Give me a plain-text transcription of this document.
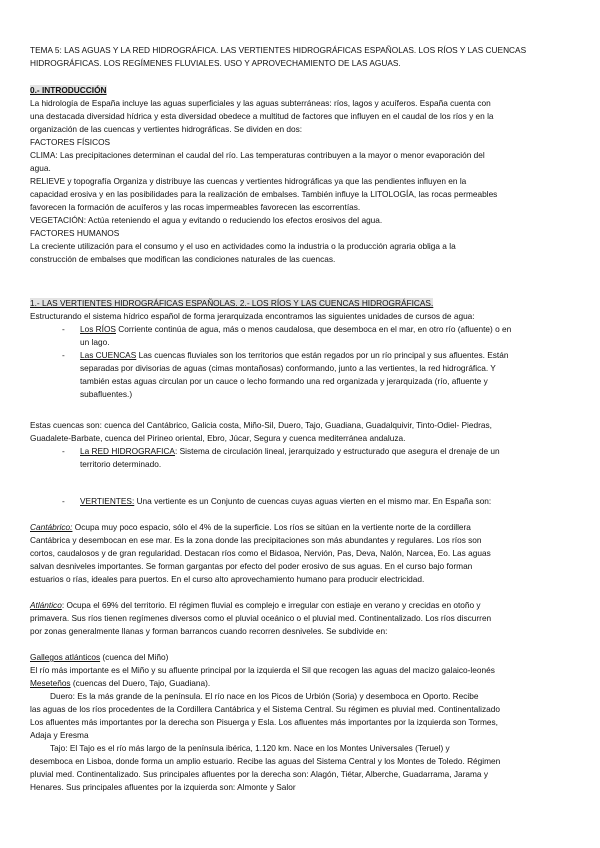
TEMA 5: LAS AGUAS Y LA RED HIDROGRÁFICA. LAS VERTIENTES HIDROGRÁFICAS ESPAÑOLAS. LOS RÍOS Y LAS CUENCAS
HIDROGRÁFICAS. LOS REGÍMENES FLUVIALES. USO Y APROVECHAMIENTO DE LAS AGUAS.
0.- INTRODUCCIÓN
La hidrología de España incluye las aguas superficiales y las aguas subterráneas: ríos, lagos y acuíferos. España cuenta con
una destacada diversidad hídrica y esta diversidad obedece a multitud de factores que influyen en el caudal de los ríos y en la
organización de las cuencas y vertientes hidrográficas. Se dividen en dos:
FACTORES FÍSICOS
CLIMA: Las precipitaciones determinan el caudal del río. Las temperaturas contribuyen a la mayor o menor evaporación del
agua.
RELIEVE y topografía Organiza y distribuye las cuencas y vertientes hidrográficas ya que las pendientes influyen en la
capacidad erosiva y en las posibilidades para la realización de embalses. También influye la LITOLOGÍA, las rocas permeables
favorecen la formación de acuíferos y las rocas impermeables favorecen las escorrentías.
VEGETACIÓN: Actúa reteniendo el agua y evitando o reduciendo los efectos erosivos del agua.
FACTORES HUMANOS
La creciente utilización para el consumo y el uso en actividades como la industria o la producción agraria obliga a la
construcción de embalses que modifican las condiciones naturales de las cuencas.
1.- LAS VERTIENTES HIDROGRÁFICAS ESPAÑOLAS. 2.- LOS RÍOS Y LAS CUENCAS HIDROGRÁFICAS.
Estructurando el sistema hídrico español de forma jerarquizada encontramos las siguientes unidades de cursos de agua:
- Los RÍOS Corriente continúa de agua, más o menos caudalosa, que desemboca en el mar, en otro río (afluente) o en
un lago.
- Las CUENCAS Las cuencas fluviales son los territorios que están regados por un río principal y sus afluentes. Están
separadas por divisorias de aguas (cimas montañosas) conformando, junto a las vertientes, la red hidrográfica. Y
también estas aguas circulan por un cauce o lecho formando una red organizada y jerarquizada (río, afluente y
subafluentes.)
Estas cuencas son: cuenca del Cantábrico, Galicia costa, Miño-Sil, Duero, Tajo, Guadiana, Guadalquivir, Tinto-Odiel- Piedras,
Guadalete-Barbate, cuenca del Pirineo oriental, Ebro, Júcar, Segura y cuenca mediterránea andaluza.
- La RED HIDROGRAFICA: Sistema de circulación lineal, jerarquizado y estructurado que asegura el drenaje de un
territorio determinado.
- VERTIENTES: Una vertiente es un Conjunto de cuencas cuyas aguas vierten en el mismo mar. En España son:
Cantábrico: Ocupa muy poco espacio, sólo el 4% de la superficie. Los ríos se sitúan en la vertiente norte de la cordillera
Cantábrica y desembocan en ese mar. Es la zona donde las precipitaciones son más abundantes y regulares. Los ríos son
cortos, caudalosos y de gran regularidad. Destacan ríos como el Bidasoa, Nervión, Pas, Deva, Nalón, Narcea, Eo. Las aguas
salvan desniveles importantes. Se forman gargantas por efecto del poder erosivo de sus aguas. En el curso bajo forman
estuarios o rías, ideales para puertos. En el curso alto aprovechamiento humano para producir electricidad.
Atlántico: Ocupa el 69% del territorio. El régimen fluvial es complejo e irregular con estiaje en verano y crecidas en otoño y
primavera. Sus ríos tienen regímenes diversos como el pluvial oceánico o el pluvial med. Continentalizado. Los ríos discurren
por zonas generalmente llanas y forman barrancos cuando recorren desniveles. Se subdivide en:
Gallegos atlánticos (cuenca del Miño)
El río más importante es el Miño y su afluente principal por la izquierda el Sil que recogen las aguas del macizo galaico-leonés
Meseteños (cuencas del Duero, Tajo, Guadiana).
Duero: Es la más grande de la península. El río nace en los Picos de Urbión (Soria) y desemboca en Oporto. Recibe
las aguas de los ríos procedentes de la Cordillera Cantábrica y el Sistema Central. Su régimen es pluvial med. Continentalizado
Los afluentes más importantes por la derecha son Pisuerga y Esla. Los afluentes más importantes por la izquierda son Tormes,
Adaja y Eresma
Tajo: El Tajo es el río más largo de la península ibérica, 1.120 km. Nace en los Montes Universales (Teruel) y
desemboca en Lisboa, donde forma un amplio estuario. Recibe las aguas del Sistema Central y los Montes de Toledo. Régimen
pluvial med. Continentalizado. Sus principales afluentes por la derecha son: Alagón, Tiétar, Alberche, Guadarrama, Jarama y
Henares. Sus principales afluentes por la izquierda son: Almonte y Salor
